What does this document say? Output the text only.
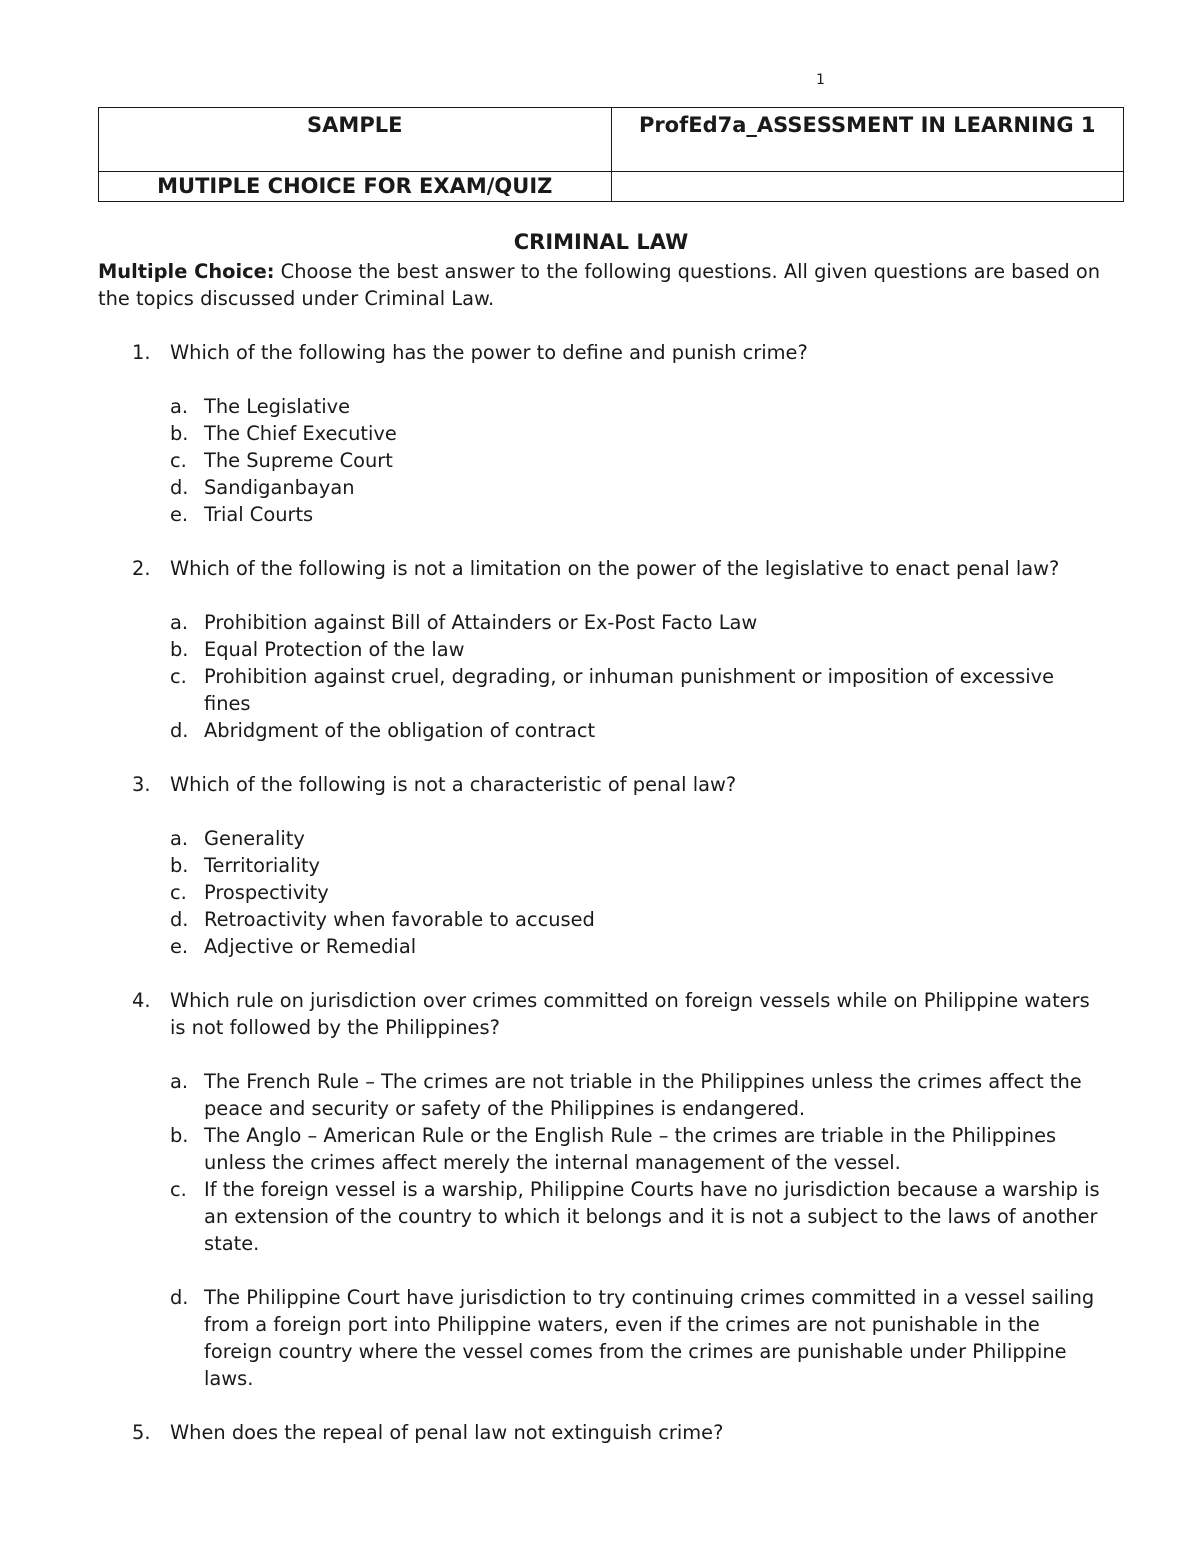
1
SAMPLE	ProfEd7a_ASSESSMENT IN LEARNING 1
MUTIPLE CHOICE FOR EXAM/QUIZ	
CRIMINAL LAW

Multiple Choice: Choose the best answer to the following questions. All given questions are based on the topics discussed under Criminal Law.

1. Which of the following has the power to define and punish crime?
a. The Legislative
b. The Chief Executive
c. The Supreme Court
d. Sandiganbayan
e. Trial Courts
2. Which of the following is not a limitation on the power of the legislative to enact penal law?
a. Prohibition against Bill of Attainders or Ex-Post Facto Law
b. Equal Protection of the law
c. Prohibition against cruel, degrading, or inhuman punishment or imposition of excessive fines
d. Abridgment of the obligation of contract
3. Which of the following is not a characteristic of penal law?
a. Generality
b. Territoriality
c. Prospectivity
d. Retroactivity when favorable to accused
e. Adjective or Remedial
4. Which rule on jurisdiction over crimes committed on foreign vessels while on Philippine waters is not followed by the Philippines?
a. The French Rule – The crimes are not triable in the Philippines unless the crimes affect the peace and security or safety of the Philippines is endangered.
b. The Anglo – American Rule or the English Rule – the crimes are triable in the Philippines unless the crimes affect merely the internal management of the vessel.
c. If the foreign vessel is a warship, Philippine Courts have no jurisdiction because a warship is an extension of the country to which it belongs and it is not a subject to the laws of another state.
d. The Philippine Court have jurisdiction to try continuing crimes committed in a vessel sailing from a foreign port into Philippine waters, even if the crimes are not punishable in the foreign country where the vessel comes from the crimes are punishable under Philippine laws.
5. When does the repeal of penal law not extinguish crime?
